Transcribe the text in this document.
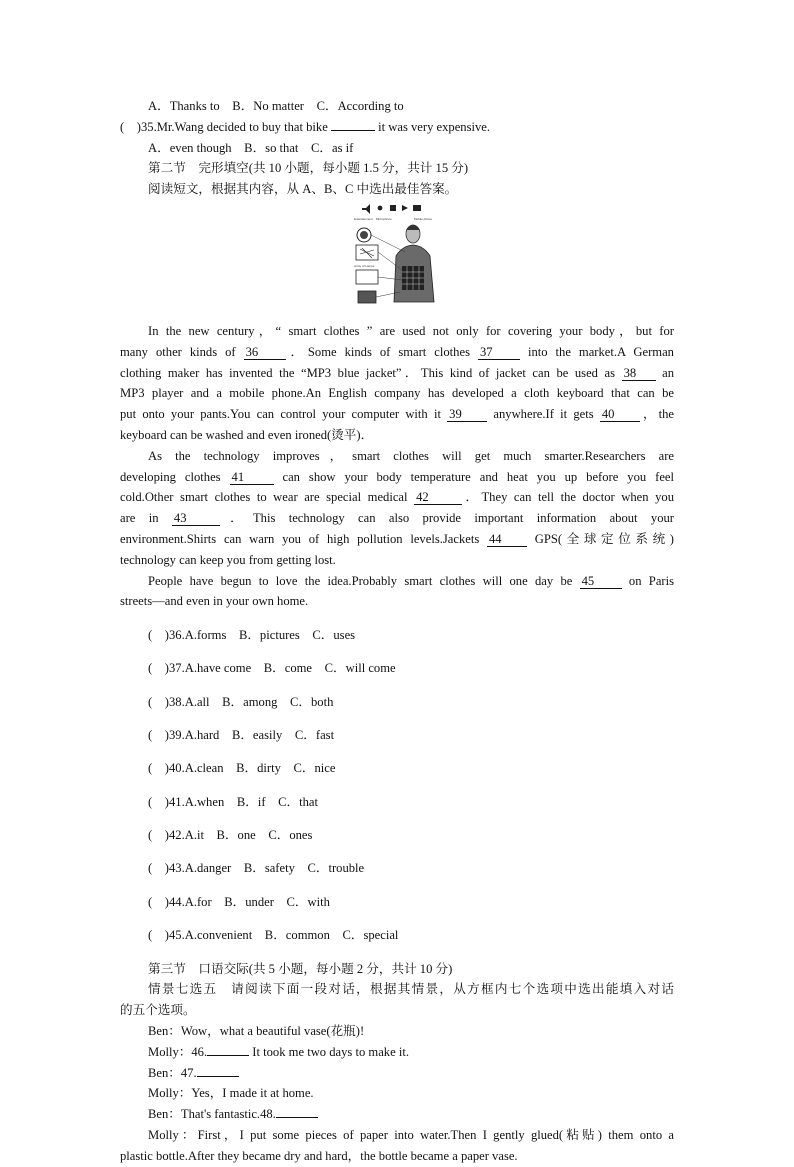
A．Thanks to　B．No matter　C．According to

(　)35.Mr.Wang decided to buy that bike	it was very expensive.

A．even though　B．so that　C．as if

第二节　完形填空(共 10 小题，每小题 1.5 分，共计 15 分)

阅读短文，根据其内容，从 A、B、C 中选出最佳答案。

Entertainment Microphone	Mobile phone
Array of Lamps

In the new century，“ smart clothes ” are used not only for covering your body，but for

many other kinds of 36 ．Some kinds of smart clothes 37 into the market.A German

clothing maker has invented the “MP3 blue jacket”．This kind of jacket can be used as 38 an

MP3 player and a mobile phone.An English company has developed a cloth keyboard that can be

put onto your pants.You can control your computer with it 39 anywhere.If it gets 40 ，the

keyboard can be washed and even ironed(烫平)．

As the technology improves，smart clothes will get much smarter.Researchers are

developing clothes 41 can show your body temperature and heat you up before you feel

cold.Other smart clothes to wear are special medical 42	．They can tell the doctor when you

are in 43	．This technology can also provide important information about your

environment.Shirts can warn you of high pollution levels.Jackets 44 GPS(全球定位系统)

technology can keep you from getting lost.

People have begun to love the idea.Probably smart clothes will one day be 45 on Paris

streets—and even in your own home.

(　)36.A.forms　B．pictures　C．uses

(　)37.A.have come　B．come　C．will come

(　)38.A.all　B．among　C．both

(　)39.A.hard　B．easily　C．fast

(　)40.A.clean　B．dirty　C．nice

(　)41.A.when　B．if　C．that

(　)42.A.it　B．one　C．ones

(　)43.A.danger　B．safety　C．trouble

(　)44.A.for　B．under　C．with

(　)45.A.convenient　B．common　C．special

第三节　口语交际(共 5 小题，每小题 2 分，共计 10 分)

情景七选五　请阅读下面一段对话，根据其情景，从方框内七个选项中选出能填入对话

的五个选项。

Ben：Wow，what a beautiful vase(花瓶)!

Molly：46.	It took me two days to make it.

Ben：47.

Molly：Yes，I made it at home.

Ben：That's fantastic.48.

Molly：First，I put some pieces of paper into water.Then I gently glued(粘贴) them onto a

plastic bottle.After they became dry and hard，the bottle became a paper vase.
